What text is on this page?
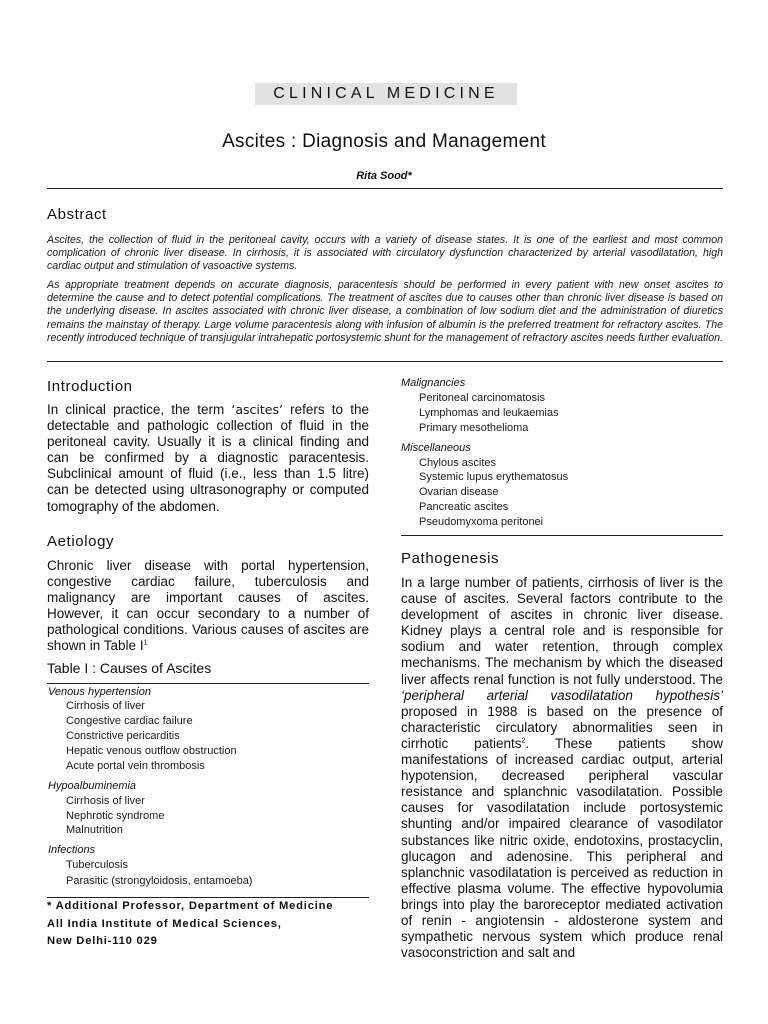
CLINICAL MEDICINE
Ascites : Diagnosis and Management
Rita Sood*
Abstract

Ascites, the collection of fluid in the peritoneal cavity, occurs with a variety of disease states. It is one of the earliest and most common complication of chronic liver disease. In cirrhosis, it is associated with circulatory dysfunction characterized by arterial vasodilatation, high cardiac output and stimulation of vasoactive systems.

As appropriate treatment depends on accurate diagnosis, paracentesis should be performed in every patient with new onset ascites to determine the cause and to detect potential complications. The treatment of ascites due to causes other than chronic liver disease is based on the underlying disease. In ascites associated with chronic liver disease, a combination of low sodium diet and the administration of diuretics remains the mainstay of therapy. Large volume paracentesis along with infusion of albumin is the preferred treatment for refractory ascites. The recently introduced technique of transjugular intrahepatic portosystemic shunt for the management of refractory ascites needs further evaluation.

Introduction

In clinical practice, the term ‘ascites’ refers to the detectable and pathologic collection of fluid in the peritoneal cavity. Usually it is a clinical finding and can be confirmed by a diagnostic paracentesis. Subclinical amount of fluid (i.e., less than 1.5 litre) can be detected using ultrasonography or computed tomography of the abdomen.

Aetiology

Chronic liver disease with portal hypertension, congestive cardiac failure, tuberculosis and malignancy are important causes of ascites. However, it can occur secondary to a number of pathological conditions. Various causes of ascites are shown in Table I$^1$

Table I : Causes of Ascites
Venous hypertension
Cirrhosis of liver
Congestive cardiac failure
Constrictive pericarditis
Hepatic venous outflow obstruction
Acute portal vein thrombosis
Hypoalbuminemia
Cirrhosis of liver
Nephrotic syndrome
Malnutrition
Infections
Tuberculosis
Parasitic (strongyloidosis, entamoeba)

* Additional Professor, Department of Medicine

All India Institute of Medical Sciences,

New Delhi-110 029

Malignancies
Peritoneal carcinomatosis
Lymphomas and leukaemias
Primary mesothelioma
Miscellaneous
Chylous ascites
Systemic lupus erythematosus
Ovarian disease
Pancreatic ascites
Pseudomyxoma peritonei
Pathogenesis

In a large number of patients, cirrhosis of liver is the cause of ascites. Several factors contribute to the development of ascites in chronic liver disease. Kidney plays a central role and is responsible for sodium and water retention, through complex mechanisms. The mechanism by which the diseased liver affects renal function is not fully understood. The ‘peripheral arterial vasodilatation hypothesis’ proposed in 1988 is based on the presence of characteristic circulatory abnormalities seen in cirrhotic patients$^2$. These patients show manifestations of increased cardiac output, arterial hypotension, decreased peripheral vascular resistance and splanchnic vasodilatation. Possible causes for vasodilatation include portosystemic shunting and/or impaired clearance of vasodilator substances like nitric oxide, endotoxins, prostacyclin, glucagon and adenosine. This peripheral and splanchnic vasodilatation is perceived as reduction in effective plasma volume. The effective hypovolumia brings into play the baroreceptor mediated activation of renin - angiotensin - aldosterone system and sympathetic nervous system which produce renal vasoconstriction and salt and
